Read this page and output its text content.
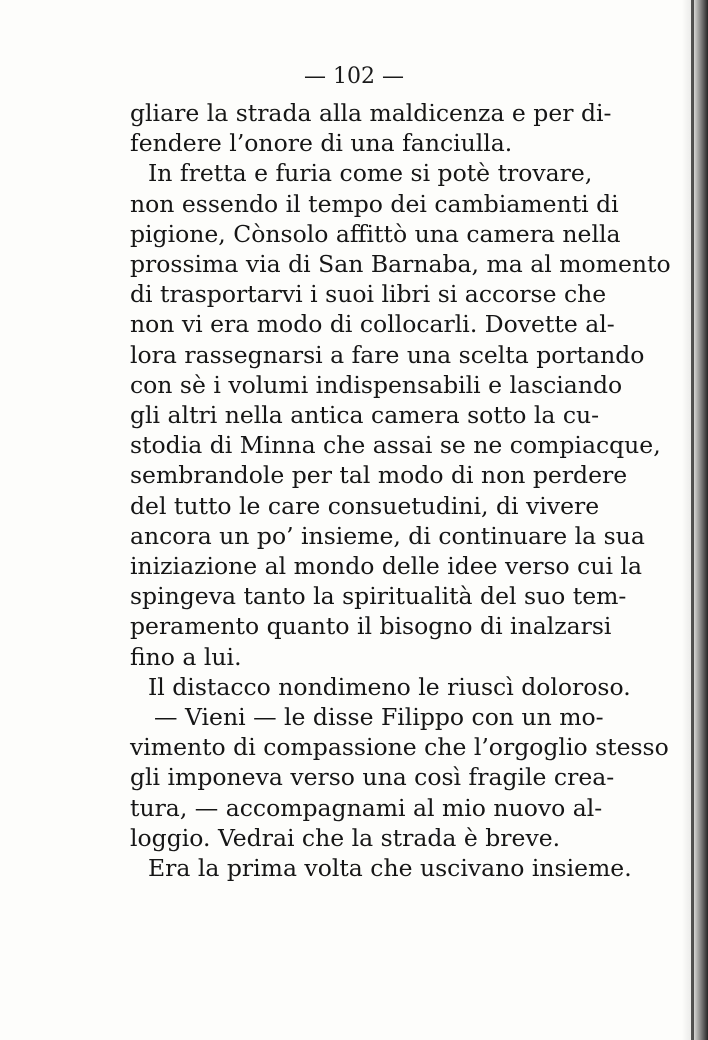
— 102 —
gliare la strada alla maldicenza e per di-
fendere l’onore di una fanciulla.
In fretta e furia come si potè trovare,
non essendo il tempo dei cambiamenti di
pigione, Cònsolo affittò una camera nella
prossima via di San Barnaba, ma al momento
di trasportarvi i suoi libri si accorse che
non vi era modo di collocarli. Dovette al-
lora rassegnarsi a fare una scelta portando
con sè i volumi indispensabili e lasciando
gli altri nella antica camera sotto la cu-
stodia di Minna che assai se ne compiacque,
sembrandole per tal modo di non perdere
del tutto le care consuetudini, di vivere
ancora un po’ insieme, di continuare la sua
iniziazione al mondo delle idee verso cui la
spingeva tanto la spiritualità del suo tem-
peramento quanto il bisogno di inalzarsi
fino a lui.
Il distacco nondimeno le riuscì doloroso.
— Vieni — le disse Filippo con un mo-
vimento di compassione che l’orgoglio stesso
gli imponeva verso una così fragile crea-
tura, — accompagnami al mio nuovo al-
loggio. Vedrai che la strada è breve.
Era la prima volta che uscivano insieme.
